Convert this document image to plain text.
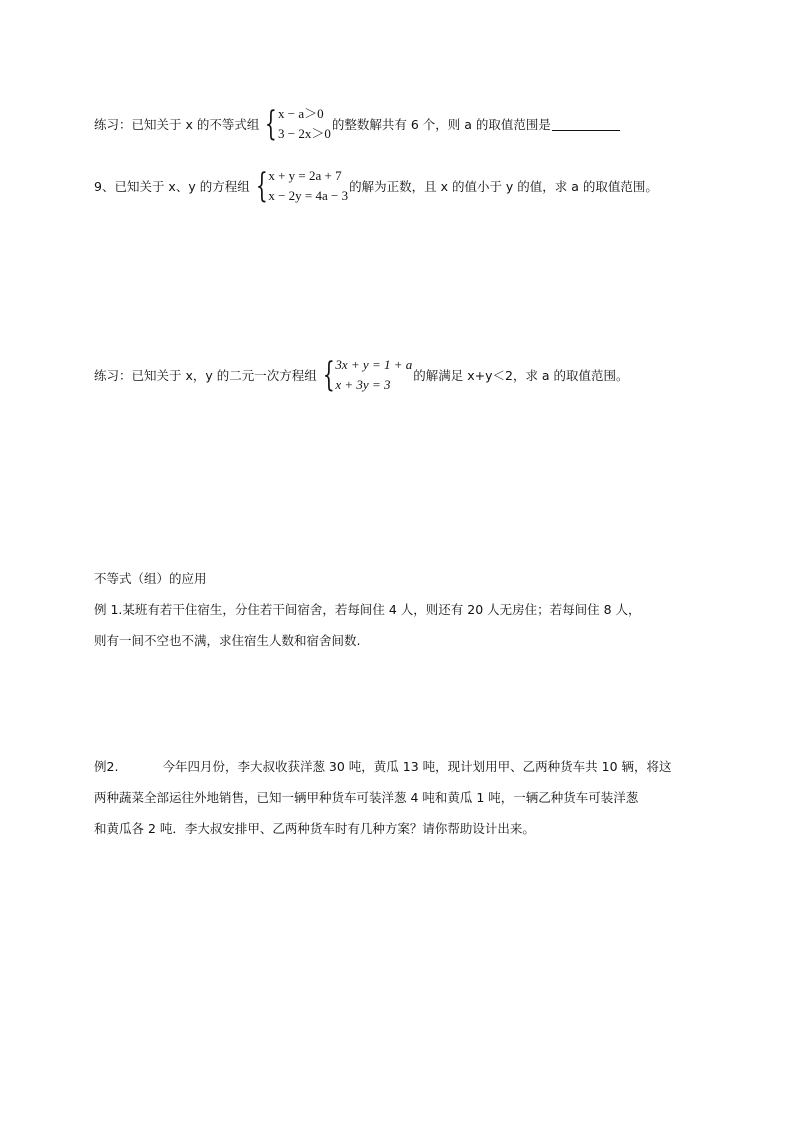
练习：已知关于 x 的不等式组 { x − a＞0
3 − 2x＞0
的整数解共有 6 个，则 a 的取值范围是
9、已知关于 x、y 的方程组 { x + y = 2a + 7
x − 2y = 4a − 3
的解为正数，且 x 的值小于 y 的值，求 a 的取值范围。
练习：已知关于 x，y 的二元一次方程组 { 3x + y = 1 + a
x + 3y = 3
的解满足 x+y＜2，求 a 的取值范围。

不等式（组）的应用

例 1.某班有若干住宿生，分住若干间宿舍，若每间住 4 人，则还有 20 人无房住；若每间住 8 人，

则有一间不空也不满，求住宿生人数和宿舍间数.

例2.	今年四月份，李大叔收获洋葱 30 吨，黄瓜 13 吨，现计划用甲、乙两种货车共 10 辆，将这

两种蔬菜全部运往外地销售，已知一辆甲种货车可装洋葱 4 吨和黄瓜 1 吨，一辆乙种货车可装洋葱

和黄瓜各 2 吨．李大叔安排甲、乙两种货车时有几种方案？请你帮助设计出来。
